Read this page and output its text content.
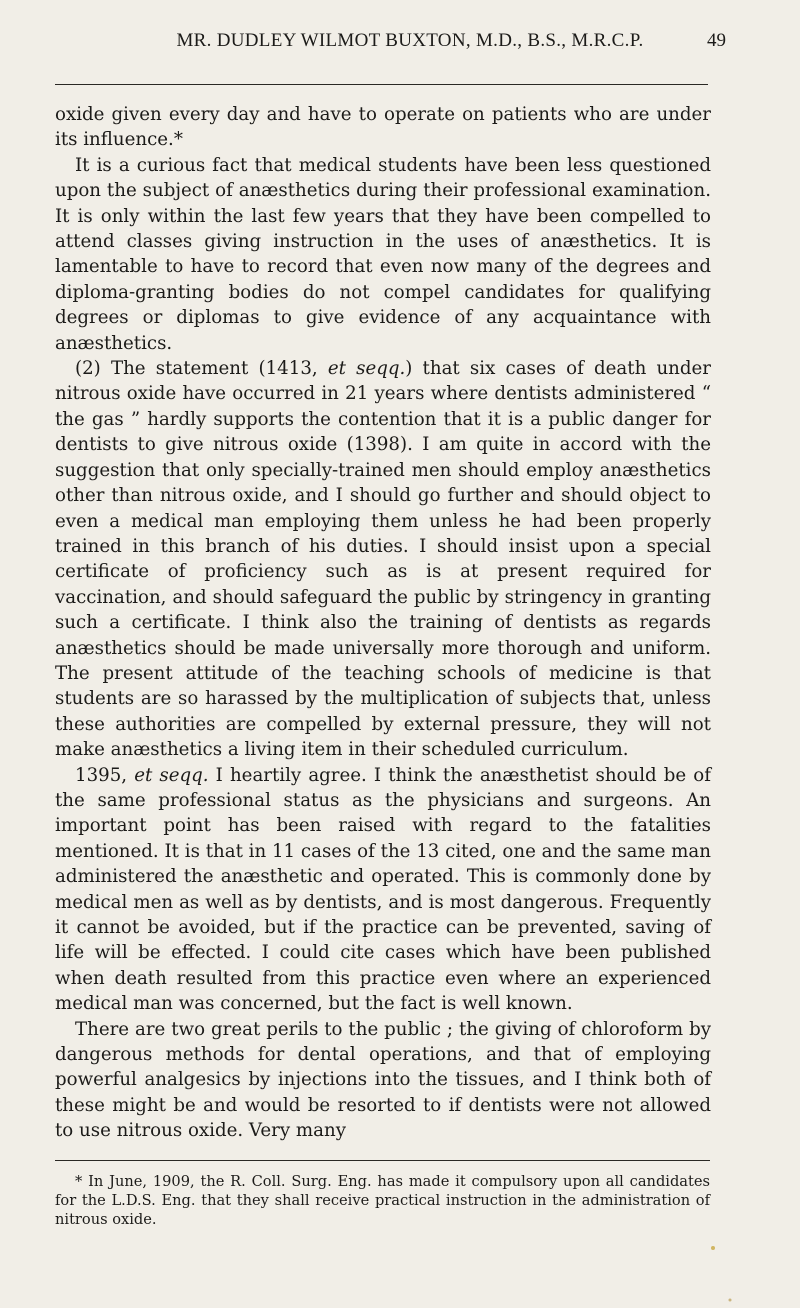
MR. DUDLEY WILMOT BUXTON, M.D., B.S., M.R.C.P.	49

oxide given every day and have to operate on patients who are under its influence.*

It is a curious fact that medical students have been less questioned upon the subject of anæsthetics during their professional examination. It is only within the last few years that they have been compelled to attend classes giving instruction in the uses of anæsthetics. It is lamentable to have to record that even now many of the degrees and diploma-granting bodies do not compel candidates for qualifying degrees or diplomas to give evidence of any acquaintance with anæsthetics.

(2) The statement (1413, et seqq.) that six cases of death under nitrous oxide have occurred in 21 years where dentists administered “ the gas ” hardly supports the contention that it is a public danger for dentists to give nitrous oxide (1398). I am quite in accord with the suggestion that only specially-trained men should employ anæsthetics other than nitrous oxide, and I should go further and should object to even a medical man employing them unless he had been properly trained in this branch of his duties. I should insist upon a special certificate of proficiency such as is at present required for vaccination, and should safeguard the public by stringency in granting such a certificate. I think also the training of dentists as regards anæsthetics should be made universally more thorough and uniform. The present attitude of the teaching schools of medicine is that students are so harassed by the multiplication of subjects that, unless these authorities are compelled by external pressure, they will not make anæsthetics a living item in their scheduled curriculum.

1395, et seqq. I heartily agree. I think the anæsthetist should be of the same professional status as the physicians and surgeons. An important point has been raised with regard to the fatalities mentioned. It is that in 11 cases of the 13 cited, one and the same man administered the anæsthetic and operated. This is commonly done by medical men as well as by dentists, and is most dangerous. Frequently it cannot be avoided, but if the practice can be prevented, saving of life will be effected. I could cite cases which have been published when death resulted from this practice even where an experienced medical man was concerned, but the fact is well known.

There are two great perils to the public ; the giving of chloroform by dangerous methods for dental operations, and that of employing powerful analgesics by injections into the tissues, and I think both of these might be and would be resorted to if dentists were not allowed to use nitrous oxide. Very many

* In June, 1909, the R. Coll. Surg. Eng. has made it compulsory upon all candidates for the L.D.S. Eng. that they shall receive practical instruction in the administration of nitrous oxide.
